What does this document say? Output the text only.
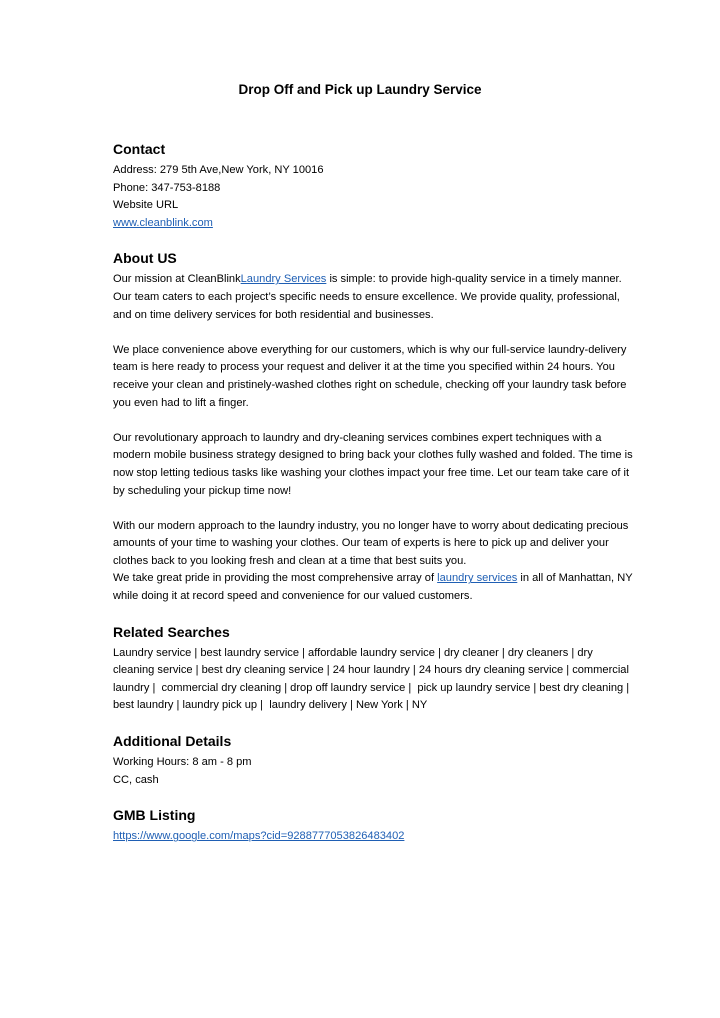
Drop Off and Pick up Laundry Service
Contact
Address: 279 5th Ave,New York, NY 10016
Phone: 347-753-8188
Website URL
www.cleanblink.com
About US

Our mission at CleanBlinkLaundry Services is simple: to provide high-quality service in a timely manner. Our team caters to each project’s specific needs to ensure excellence. We provide quality, professional, and on time delivery services for both residential and businesses.

We place convenience above everything for our customers, which is why our full-service laundry-delivery team is here ready to process your request and deliver it at the time you specified within 24 hours. You receive your clean and pristinely-washed clothes right on schedule, checking off your laundry task before you even had to lift a finger.

Our revolutionary approach to laundry and dry-cleaning services combines expert techniques with a modern mobile business strategy designed to bring back your clothes fully washed and folded. The time is now stop letting tedious tasks like washing your clothes impact your free time. Let our team take care of it by scheduling your pickup time now!

With our modern approach to the laundry industry, you no longer have to worry about dedicating precious amounts of your time to washing your clothes. Our team of experts is here to pick up and deliver your clothes back to you looking fresh and clean at a time that best suits you.

We take great pride in providing the most comprehensive array of laundry services in all of Manhattan, NY while doing it at record speed and convenience for our valued customers.

Related Searches

Laundry service | best laundry service | affordable laundry service | dry cleaner | dry cleaners | dry cleaning service | best dry cleaning service | 24 hour laundry | 24 hours dry cleaning service | commercial laundry |  commercial dry cleaning | drop off laundry service |  pick up laundry service | best dry cleaning | best laundry | laundry pick up |  laundry delivery | New York | NY

Additional Details
Working Hours: 8 am - 8 pm
CC, cash
GMB Listing
https://www.google.com/maps?cid=9288777053826483402
